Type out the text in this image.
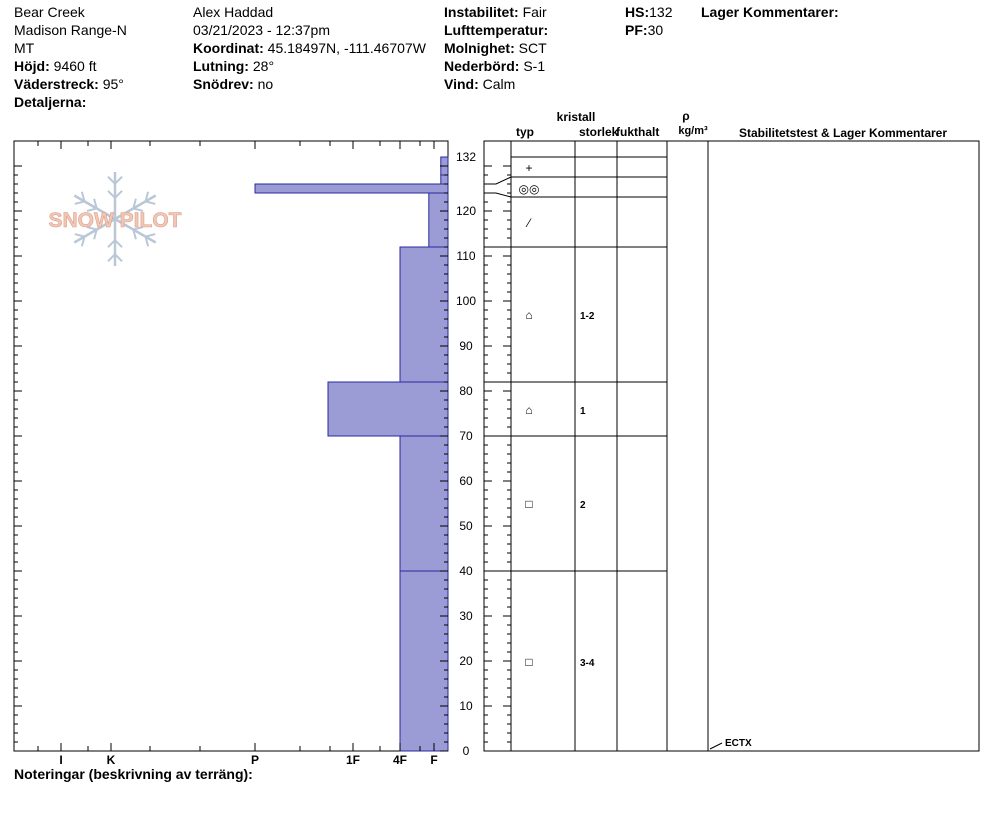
Bear Creek
Madison Range-N
MT
Höjd: 9460 ft
Väderstreck: 95°
Detaljerna:
Alex Haddad
03/21/2023 - 12:37pm
Koordinat: 45.18497N, -111.46707W
Lutning: 28°
Snödrev: no
Instabilitet: Fair
Lufttemperatur:
Molnighet: SCT
Nederbörd: S-1
Vind: Calm
HS:132
PF:30
Lager Kommentarer:
Noteringar (beskrivning av terräng):
SNOW PILOT
0
10
20
30
40
50
60
70
80
90
100
110
120
132
I	K	P	1F	4F F
+
◎◎
⁄
⌂	1-2
⌂	1
□	2
□	3-4
kristall
typ	storlek
fukthalt
ρ
kg/m³	Stabilitetstest & Lager Kommentarer
ECTX
